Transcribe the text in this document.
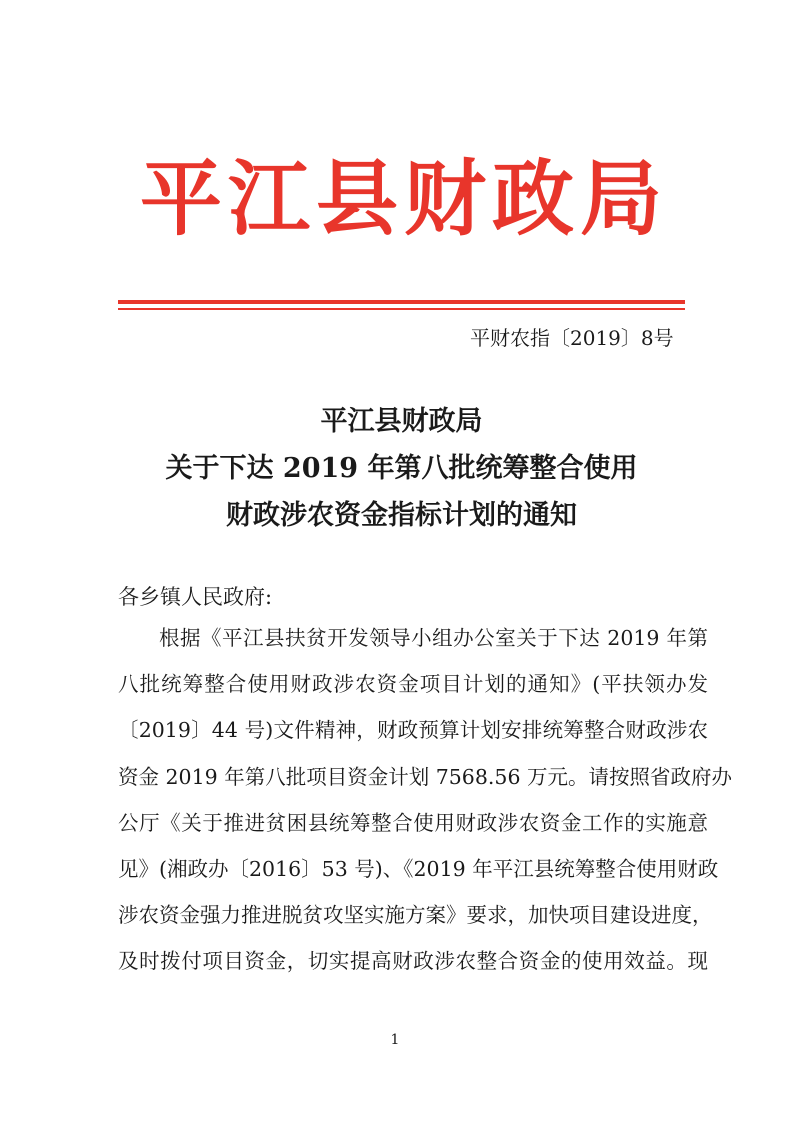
平江县财政局
平财农指〔2019〕8号
平江县财政局
关于下达 2019 年第八批统筹整合使用
财政涉农资金指标计划的通知
各乡镇人民政府:
根据《平江县扶贫开发领导小组办公室关于下达 2019 年第
八批统筹整合使用财政涉农资金项目计划的通知》(平扶领办发
〔2019〕44 号)文件精神，财政预算计划安排统筹整合财政涉农
资金 2019 年第八批项目资金计划 7568.56 万元。请按照省政府办
公厅《关于推进贫困县统筹整合使用财政涉农资金工作的实施意
见》(湘政办〔2016〕53 号)、《2019 年平江县统筹整合使用财政
涉农资金强力推进脱贫攻坚实施方案》要求，加快项目建设进度，
及时拨付项目资金，切实提高财政涉农整合资金的使用效益。现
1
